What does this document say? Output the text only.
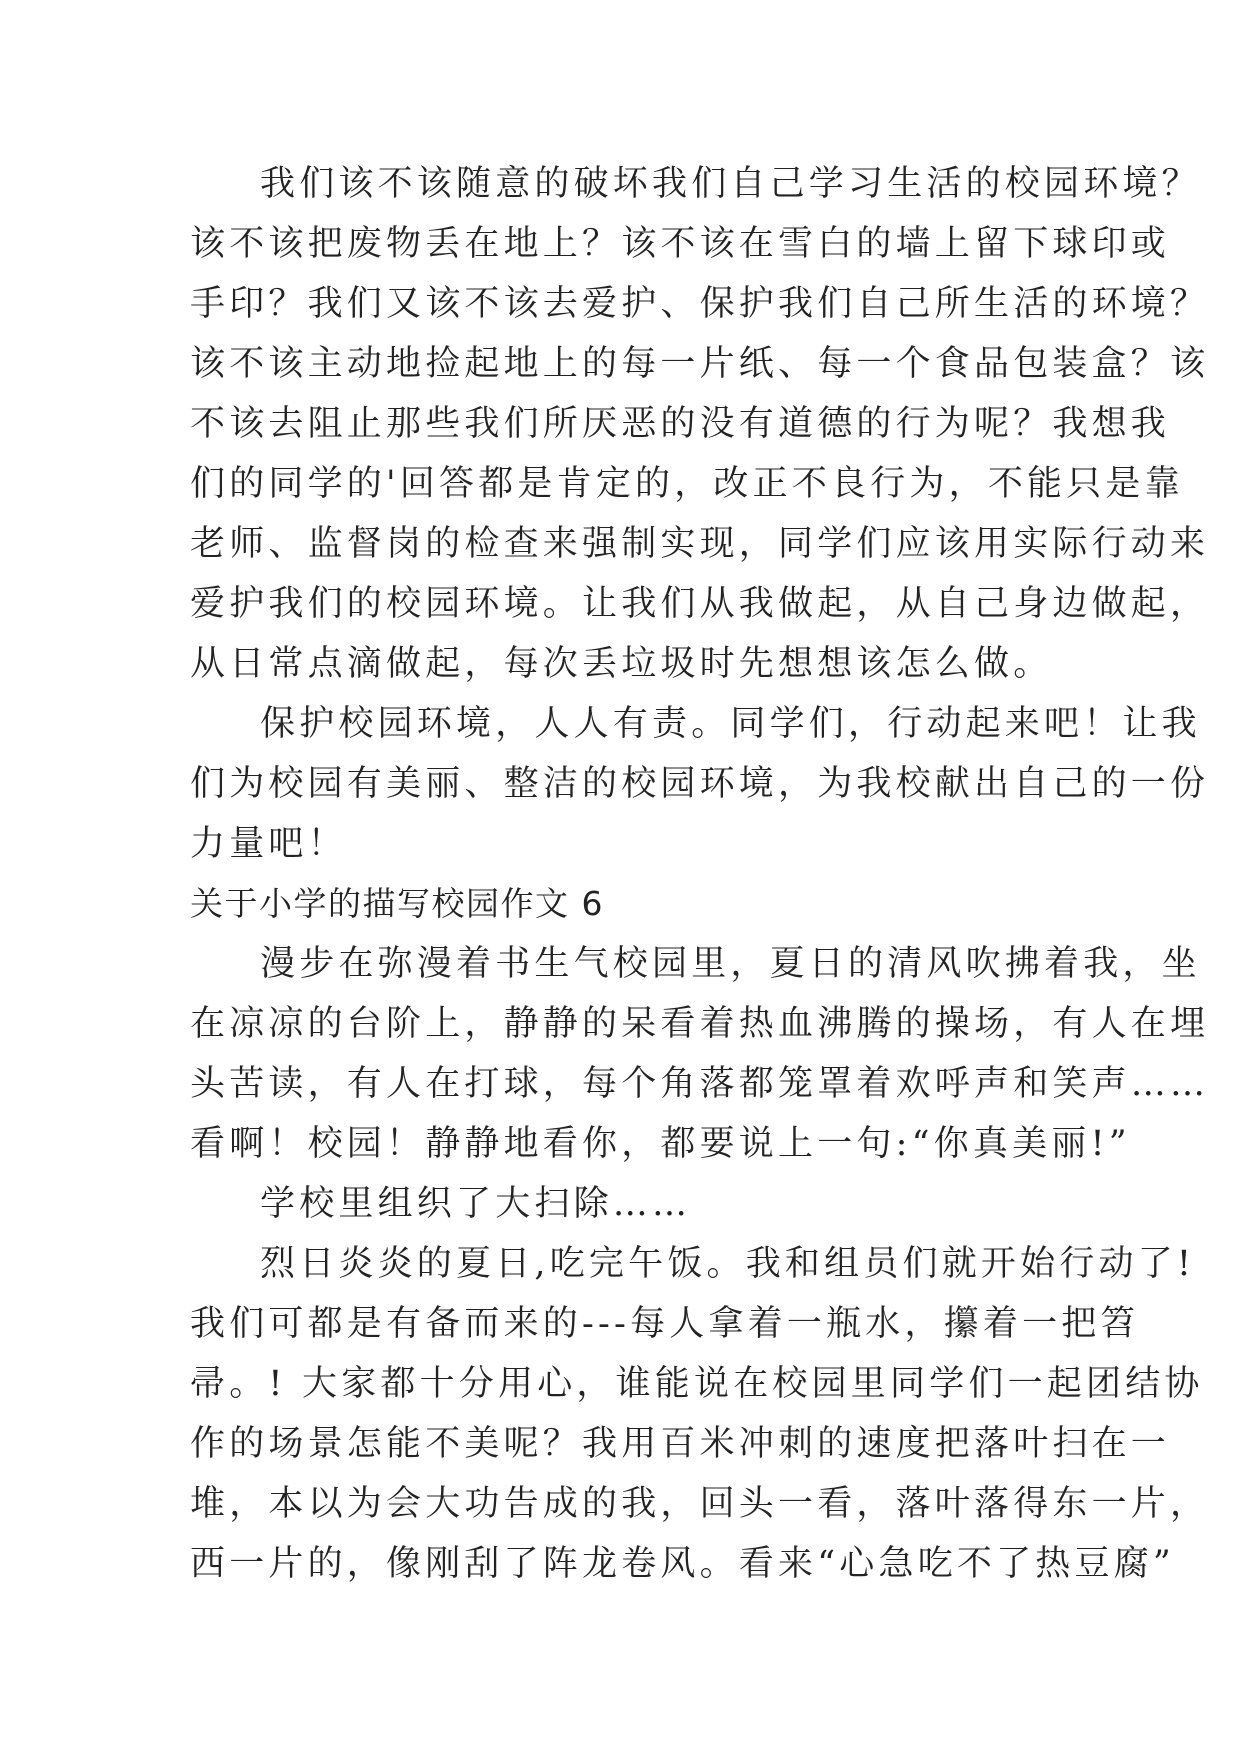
我们该不该随意的破坏我们自己学习生活的校园环境？
该不该把废物丢在地上？该不该在雪白的墙上留下球印或
手印？我们又该不该去爱护、保护我们自己所生活的环境？
该不该主动地捡起地上的每一片纸、每一个食品包装盒？该
不该去阻止那些我们所厌恶的没有道德的行为呢？我想我
们的同学的'回答都是肯定的，改正不良行为，不能只是靠
老师、监督岗的检查来强制实现，同学们应该用实际行动来
爱护我们的校园环境。让我们从我做起，从自己身边做起，
从日常点滴做起，每次丢垃圾时先想想该怎么做。
保护校园环境，人人有责。同学们，行动起来吧！让我
们为校园有美丽、整洁的校园环境，为我校献出自己的一份
力量吧！
关于小学的描写校园作文 6
漫步在弥漫着书生气校园里，夏日的清风吹拂着我，坐
在凉凉的台阶上，静静的呆看着热血沸腾的操场，有人在埋
头苦读，有人在打球，每个角落都笼罩着欢呼声和笑声……
看啊！校园！静静地看你，都要说上一句:“你真美丽!”
学校里组织了大扫除……
烈日炎炎的夏日,吃完午饭。我和组员们就开始行动了!
我们可都是有备而来的---每人拿着一瓶水，攥着一把笤
帚。! 大家都十分用心，谁能说在校园里同学们一起团结协
作的场景怎能不美呢？我用百米冲刺的速度把落叶扫在一
堆，本以为会大功告成的我，回头一看，落叶落得东一片，
西一片的，像刚刮了阵龙卷风。看来“心急吃不了热豆腐”
